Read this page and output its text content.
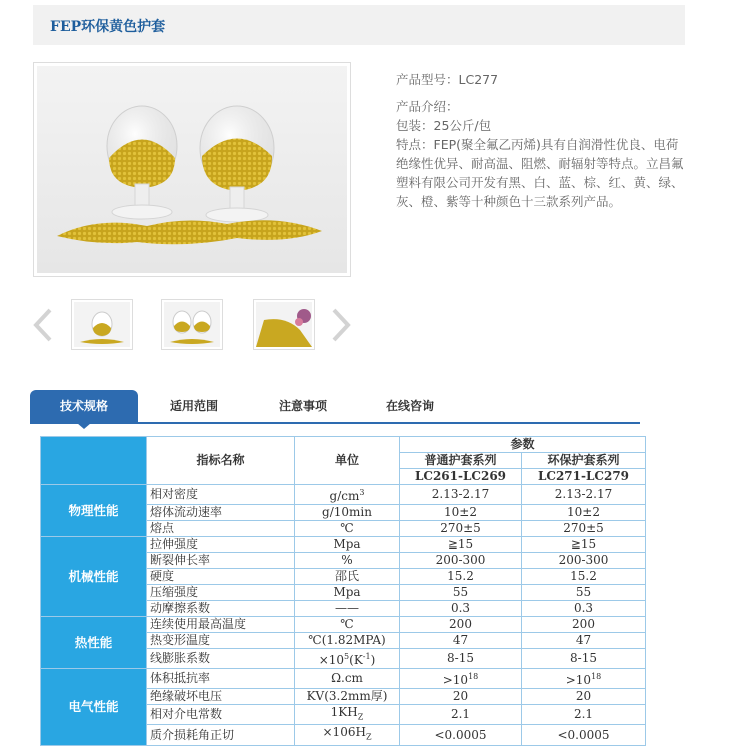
FEP环保黄色护套
产品型号：LC277
产品介绍：
包装：25公斤/包
特点：FEP(聚全氟乙丙烯)具有自润滑性优良、电荷绝缘性优异、耐高温、阻燃、耐辐射等特点。立昌氟塑料有限公司开发有黑、白、蓝、棕、红、黄、绿、灰、橙、紫等十种颜色十三款系列产品。
技术规格	适用范围	注意事项	在线咨询
	指标名称	单位	参数	
			普通护套系列	环保护套系列
			LC261-LC269	LC271-LC279
物理性能	相对密度	$g/cm^3$	2.13-2.17	2.13-2.17
	熔体流动速率	g/10min	10±2	10±2
	熔点	℃	270±5	270±5
机械性能	拉伸强度	Mpa	≧15	≧15
	断裂伸长率	%	200-300	200-300
	硬度	邵氏	15.2	15.2
	压缩强度	Mpa	55	55
	动摩擦系数	——	0.3	0.3
热性能	连续使用最高温度	℃	200	200
	热变形温度	℃(1.82MPA)	47	47
	线膨胀系数	$\times 10^5(K^{-1})$	8-15	8-15
电气性能	体积抵抗率	Ω.cm	$>10^{18}$	$>10^{18}$
	绝缘破坏电压	KV(3.2mm厚)	20	20
	相对介电常数	$1KH_Z$	2.1	2.1
	质介损耗角正切	$\times 106H_Z$	<0.0005	<0.0005
